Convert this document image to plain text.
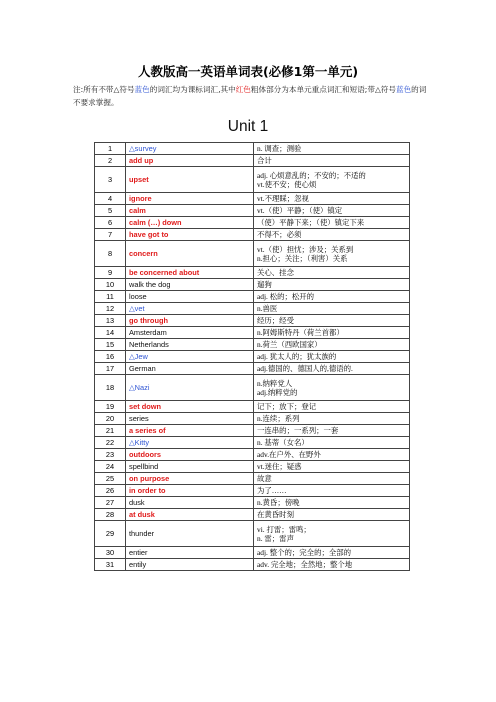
人教版高一英语单词表(必修1第一单元)
注:所有不带△符号蓝色的词汇均为课标词汇,其中红色粗体部分为本单元重点词汇和短语;带△符号蓝色的词不要求掌握。
Unit 1
1	△survey	n. 调查；测验

2	add up	合计

3	upset	adj. 心烦意乱的；不安的；不适的
vt.使不安；使心烦

4	ignore	vt.不理睬；忽视

5	calm	vt.（使）平静；（使）镇定

6	calm (…) down	（使）平静下来；（使）镇定下来

7	have got to	不得不；必须

8	concern	vt.（使）担忧；涉及；关系到
n.担心；关注；（利害）关系

9	be concerned about	关心、挂念

10	walk the dog	遛狗

11	loose	adj. 松的；松开的

12	△vet	n.兽医

13	go through	经历；经受

14	Amsterdam	n.阿姆斯特丹（荷兰首都）

15	Netherlands	n.荷兰（西欧国家）

16	△Jew	adj. 犹太人的；犹太族的

17	German	adj.德国的、德国人的,德语的.

18	△Nazi	n.纳粹党人
adj.纳粹党的

19	set down	记下；放下；登记

20	series	n.连续；系列

21	a series of	一连串的；一系列；一套

22	△Kitty	n. 基蒂（女名）

23	outdoors	adv.在户外、在野外

24	spellbind	vt.迷住；疑惑

25	on purpose	故意

26	in order to	为了……

27	dusk	n.黄昏；傍晚

28	at dusk	在黄昏时刻

29	thunder	vi. 打雷；雷鸣；
n. 雷；雷声

30	entier	adj. 整个的；完全的；全部的

31	entily	adv. 完全地；全然地；整个地
